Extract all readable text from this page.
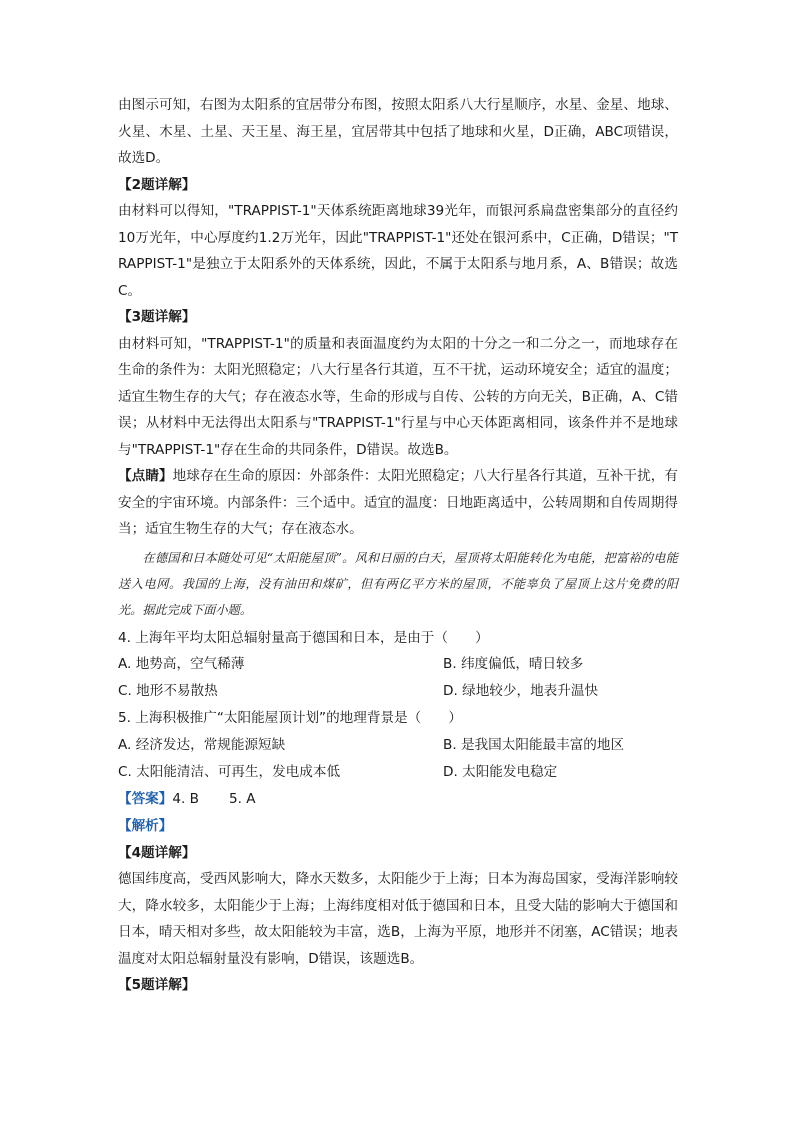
由图示可知，右图为太阳系的宜居带分布图，按照太阳系八大行星顺序，水星、金星、地球、火星、木星、土星、天王星、海王星，宜居带其中包括了地球和火星，D正确，ABC项错误，故选D。

【2题详解】

由材料可以得知，"TRAPPIST-1"天体系统距离地球39光年，而银河系扁盘密集部分的直径约10万光年，中心厚度约1.2万光年，因此"TRAPPIST-1"还处在银河系中，C正确，D错误；"TRAPPIST-1"是独立于太阳系外的天体系统，因此，不属于太阳系与地月系，A、B错误；故选C。

【3题详解】

由材料可知，"TRAPPIST-1"的质量和表面温度约为太阳的十分之一和二分之一，而地球存在生命的条件为：太阳光照稳定；八大行星各行其道，互不干扰，运动环境安全；适宜的温度；适宜生物生存的大气；存在液态水等，生命的形成与自传、公转的方向无关，B正确，A、C错误；从材料中无法得出太阳系与"TRAPPIST-1"行星与中心天体距离相同，该条件并不是地球与"TRAPPIST-1"存在生命的共同条件，D错误。故选B。

【点睛】地球存在生命的原因：外部条件：太阳光照稳定；八大行星各行其道，互补干扰，有安全的宇宙环境。内部条件：三个适中。适宜的温度：日地距离适中，公转周期和自传周期得当；适宜生物生存的大气；存在液态水。

在德国和日本随处可见“太阳能屋顶”。风和日丽的白天，屋顶将太阳能转化为电能，把富裕的电能送入电网。我国的上海，没有油田和煤矿，但有两亿平方米的屋顶，不能辜负了屋顶上这片免费的阳光。据此完成下面小题。

4. 上海年平均太阳总辐射量高于德国和日本，是由于（　　）

A. 地势高，空气稀薄	B. 纬度偏低，晴日较多
C. 地形不易散热	D. 绿地较少，地表升温快

5. 上海积极推广“太阳能屋顶计划”的地理背景是（　　）

A. 经济发达，常规能源短缺	B. 是我国太阳能最丰富的地区
C. 太阳能清洁、可再生，发电成本低	D. 太阳能发电稳定
【答案】4. B 5. A
【解析】

【4题详解】

德国纬度高，受西风影响大，降水天数多，太阳能少于上海；日本为海岛国家，受海洋影响较大，降水较多，太阳能少于上海；上海纬度相对低于德国和日本，且受大陆的影响大于德国和日本，晴天相对多些，故太阳能较为丰富，选B，上海为平原，地形并不闭塞，AC错误；地表温度对太阳总辐射量没有影响，D错误，该题选B。

【5题详解】
